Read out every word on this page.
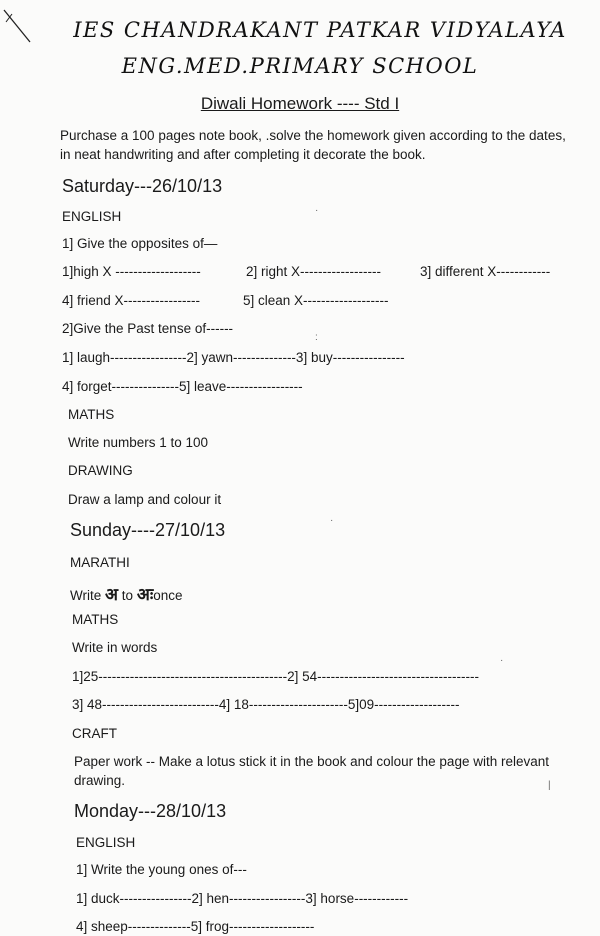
IES CHANDRAKANT PATKAR VIDYALAYA
ENG.MED.PRIMARY SCHOOL
Diwali Homework ---- Std I
Purchase a 100 pages note book, .solve the homework given according to the dates, in neat handwriting and after completing it decorate the book.
Saturday---26/10/13
ENGLISH
1] Give the opposites of—
1]high X -------------------	2] right X------------------	3] different X------------
4] friend X-----------------	5] clean X-------------------
2]Give the Past tense of------
1] laugh-----------------2] yawn--------------3] buy----------------
4] forget---------------5] leave-----------------
MATHS
Write numbers 1 to 100
DRAWING
Draw a lamp and colour it
Sunday----27/10/13
MARATHI
Write अ to अःonce
MATHS
Write in words
1]25------------------------------------------2] 54------------------------------------
3] 48--------------------------4] 18----------------------5]09-------------------
CRAFT
Paper work -- Make a lotus stick it in the book and colour the page with relevant drawing.
Monday---28/10/13
ENGLISH
1] Write the young ones of---
1] duck----------------2] hen-----------------3] horse------------
4] sheep--------------5] frog-------------------
·
:
·
·
|
